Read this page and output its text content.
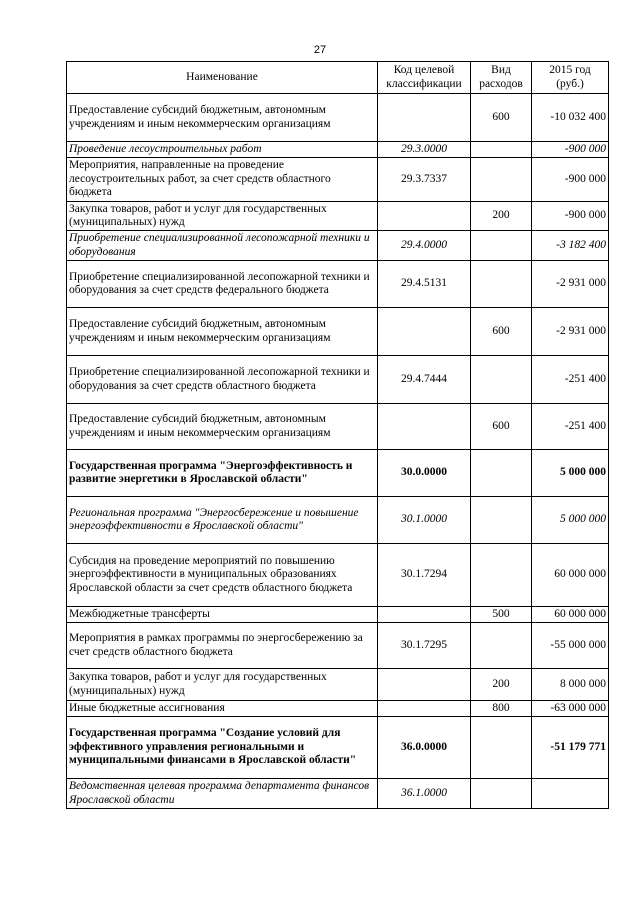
27
Наименование	Код целевой классификации	Вид расходов	2015 год (руб.)
Предоставление субсидий бюджетным, автономным учреждениям и иным некоммерческим организациям		600	-10 032 400
Проведение лесоустроительных работ	29.3.0000		-900 000
Мероприятия, направленные на проведение лесоустроительных работ, за счет средств областного бюджета	29.3.7337		-900 000
Закупка товаров, работ и услуг для государственных (муниципальных) нужд		200	-900 000
Приобретение специализированной лесопожарной техники и оборудования	29.4.0000		-3 182 400
Приобретение специализированной лесопожарной техники и оборудования за счет средств федерального бюджета	29.4.5131		-2 931 000
Предоставление субсидий бюджетным, автономным учреждениям и иным некоммерческим организациям		600	-2 931 000
Приобретение специализированной лесопожарной техники и оборудования за счет средств областного бюджета	29.4.7444		-251 400
Предоставление субсидий бюджетным, автономным учреждениям и иным некоммерческим организациям		600	-251 400
Государственная программа "Энергоэффективность и развитие энергетики в Ярославской области"	30.0.0000		5 000 000
Региональная программа "Энергосбережение и повышение энергоэффективности в Ярославской области"	30.1.0000		5 000 000
Субсидия на проведение мероприятий по повышению энергоэффективности в муниципальных образованиях Ярославской области за счет средств областного бюджета	30.1.7294		60 000 000
Межбюджетные трансферты		500	60 000 000
Мероприятия в рамках программы по энергосбережению за счет средств областного бюджета	30.1.7295		-55 000 000
Закупка товаров, работ и услуг для государственных (муниципальных) нужд		200	8 000 000
Иные бюджетные ассигнования		800	-63 000 000
Государственная программа "Создание условий для эффективного управления региональными и муниципальными финансами в Ярославской области"	36.0.0000		-51 179 771
Ведомственная целевая программа департамента финансов Ярославской области	36.1.0000		
